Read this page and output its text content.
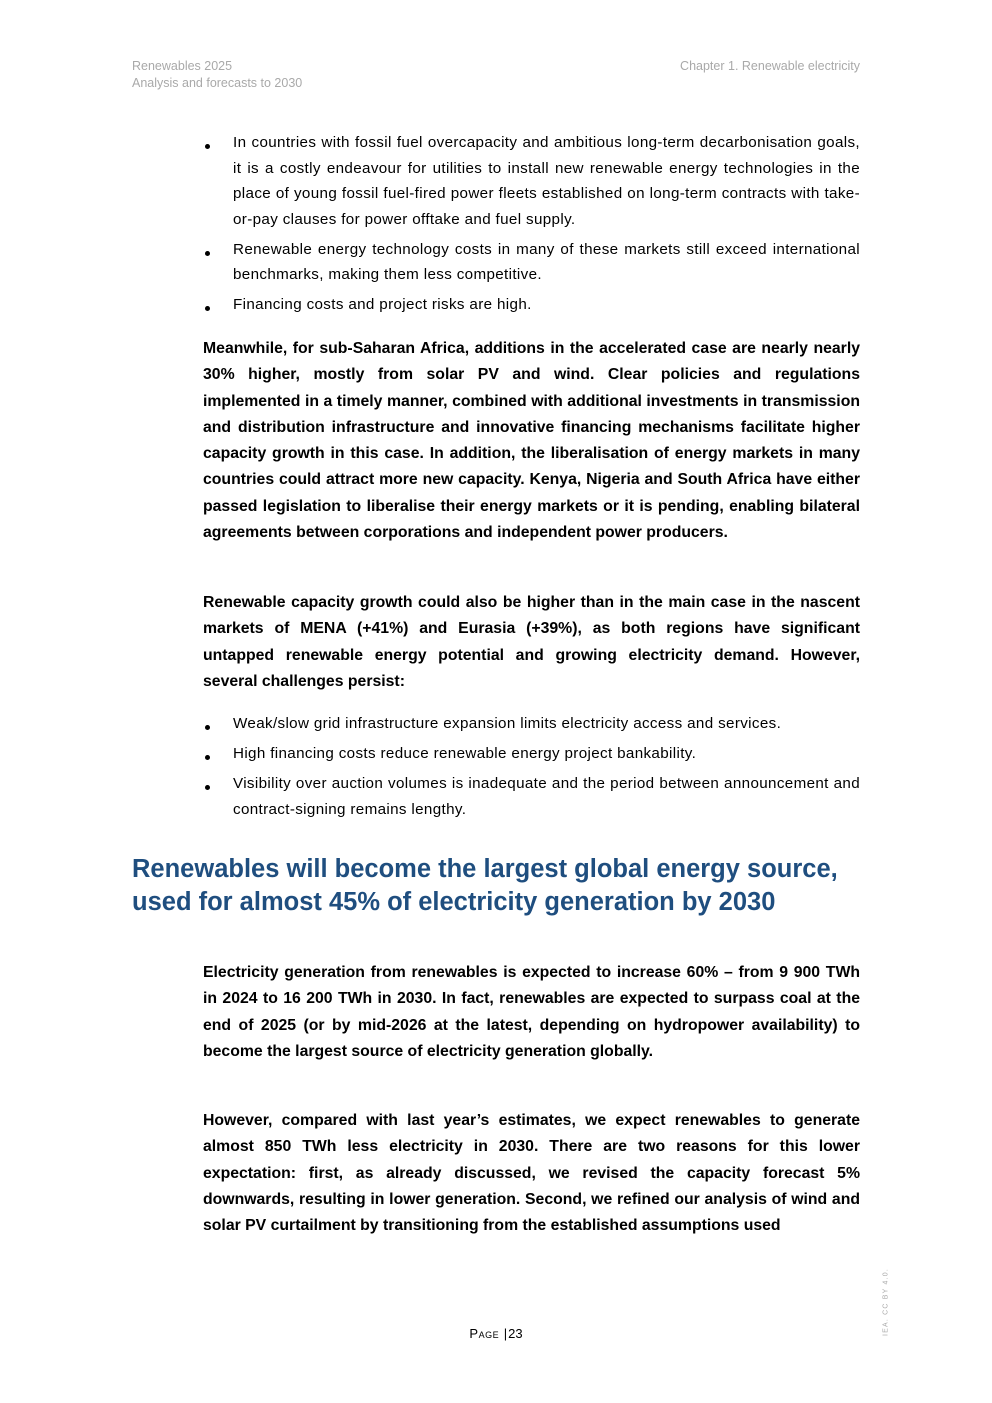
Renewables 2025
Analysis and forecasts to 2030
Chapter 1. Renewable electricity
In countries with fossil fuel overcapacity and ambitious long-term decarbonisation goals, it is a costly endeavour for utilities to install new renewable energy technologies in the place of young fossil fuel-fired power fleets established on long-term contracts with take-or-pay clauses for power offtake and fuel supply.
Renewable energy technology costs in many of these markets still exceed international benchmarks, making them less competitive.
Financing costs and project risks are high.

Meanwhile, for sub-Saharan Africa, additions in the accelerated case are nearly nearly 30% higher, mostly from solar PV and wind. Clear policies and regulations implemented in a timely manner, combined with additional investments in transmission and distribution infrastructure and innovative financing mechanisms facilitate higher capacity growth in this case. In addition, the liberalisation of energy markets in many countries could attract more new capacity. Kenya, Nigeria and South Africa have either passed legislation to liberalise their energy markets or it is pending, enabling bilateral agreements between corporations and independent power producers.

Renewable capacity growth could also be higher than in the main case in the nascent markets of MENA (+41%) and Eurasia (+39%), as both regions have significant untapped renewable energy potential and growing electricity demand. However, several challenges persist:

Weak/slow grid infrastructure expansion limits electricity access and services.
High financing costs reduce renewable energy project bankability.
Visibility over auction volumes is inadequate and the period between announcement and contract-signing remains lengthy.
Renewables will become the largest global energy source, used for almost 45% of electricity generation by 2030

Electricity generation from renewables is expected to increase 60% – from 9 900 TWh in 2024 to 16 200 TWh in 2030. In fact, renewables are expected to surpass coal at the end of 2025 (or by mid-2026 at the latest, depending on hydropower availability) to become the largest source of electricity generation globally.

However, compared with last year’s estimates, we expect renewables to generate almost 850 TWh less electricity in 2030. There are two reasons for this lower expectation: first, as already discussed, we revised the capacity forecast 5% downwards, resulting in lower generation. Second, we refined our analysis of wind and solar PV curtailment by transitioning from the established assumptions used

Page |23	IEA. CC BY 4.0.
